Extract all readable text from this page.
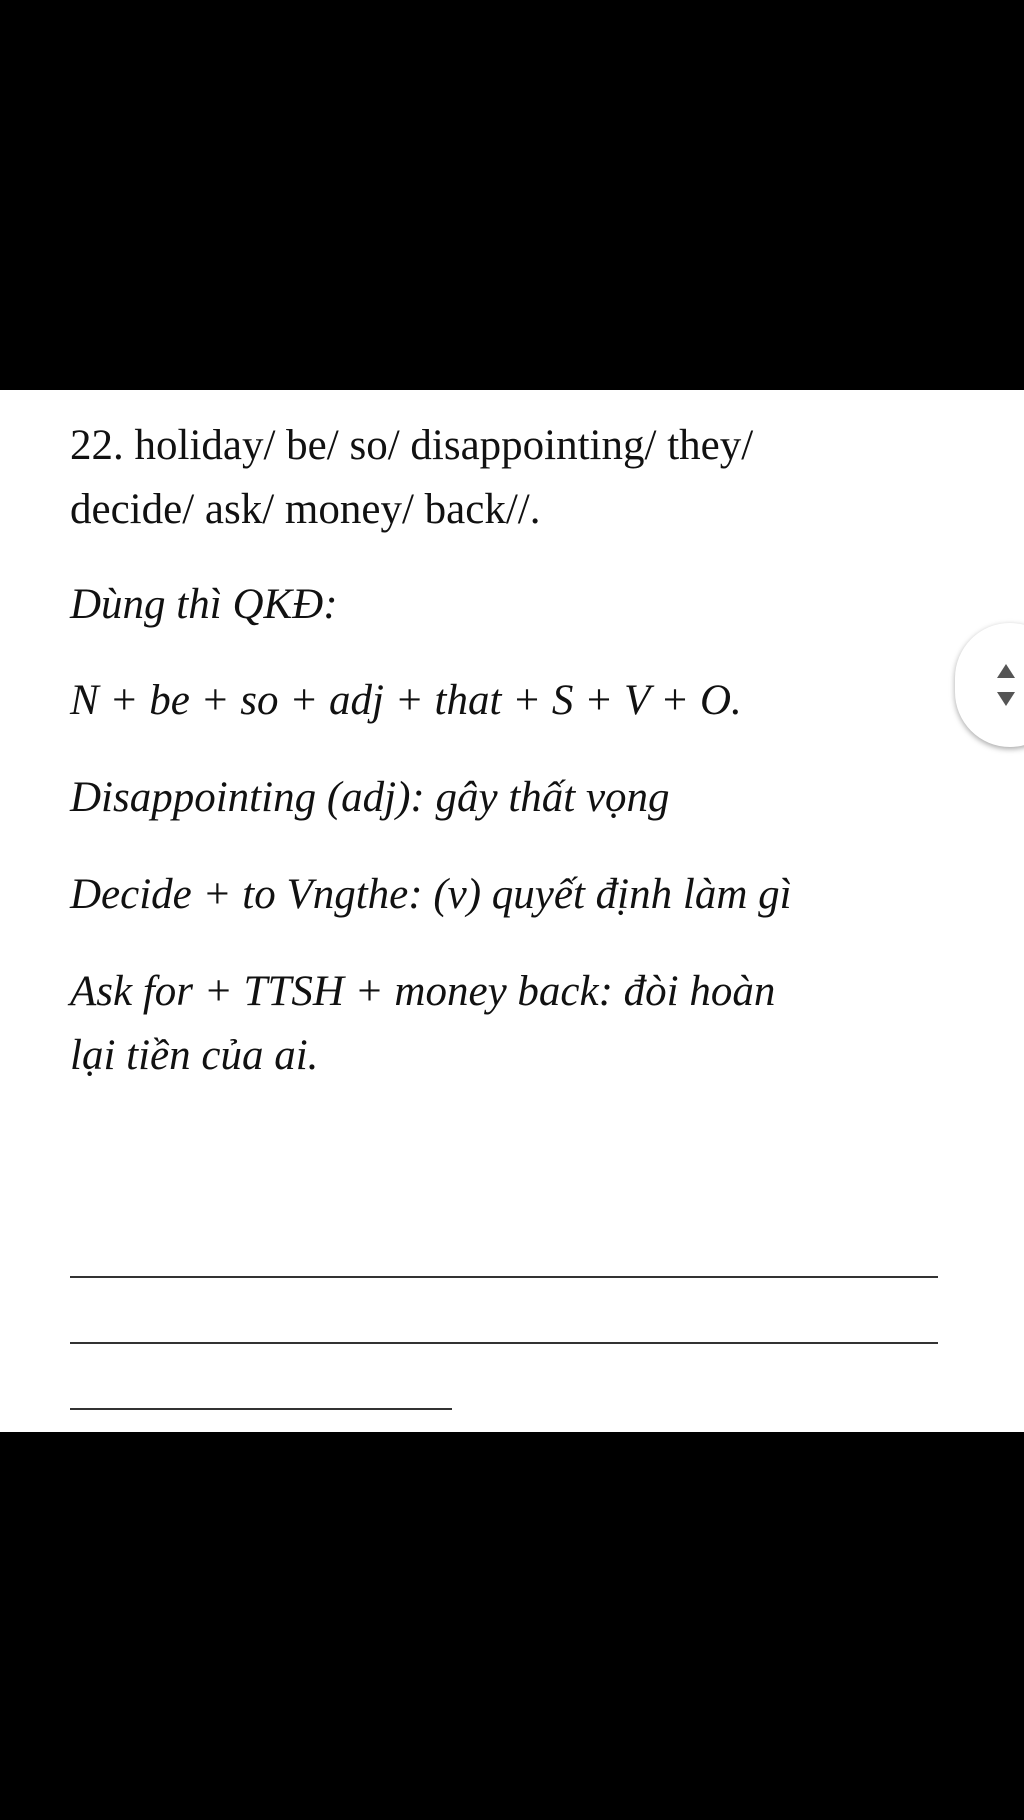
22. holiday/ be/ so/ disappointing/ they/
decide/ ask/ money/ back//.
Dùng thì QKĐ:
N + be + so + adj + that + S + V + O.
Disappointing (adj): gây thất vọng
Decide + to Vngthe: (v) quyết định làm gì
Ask for + TTSH + money back: đòi hoàn
lại tiền của ai.
